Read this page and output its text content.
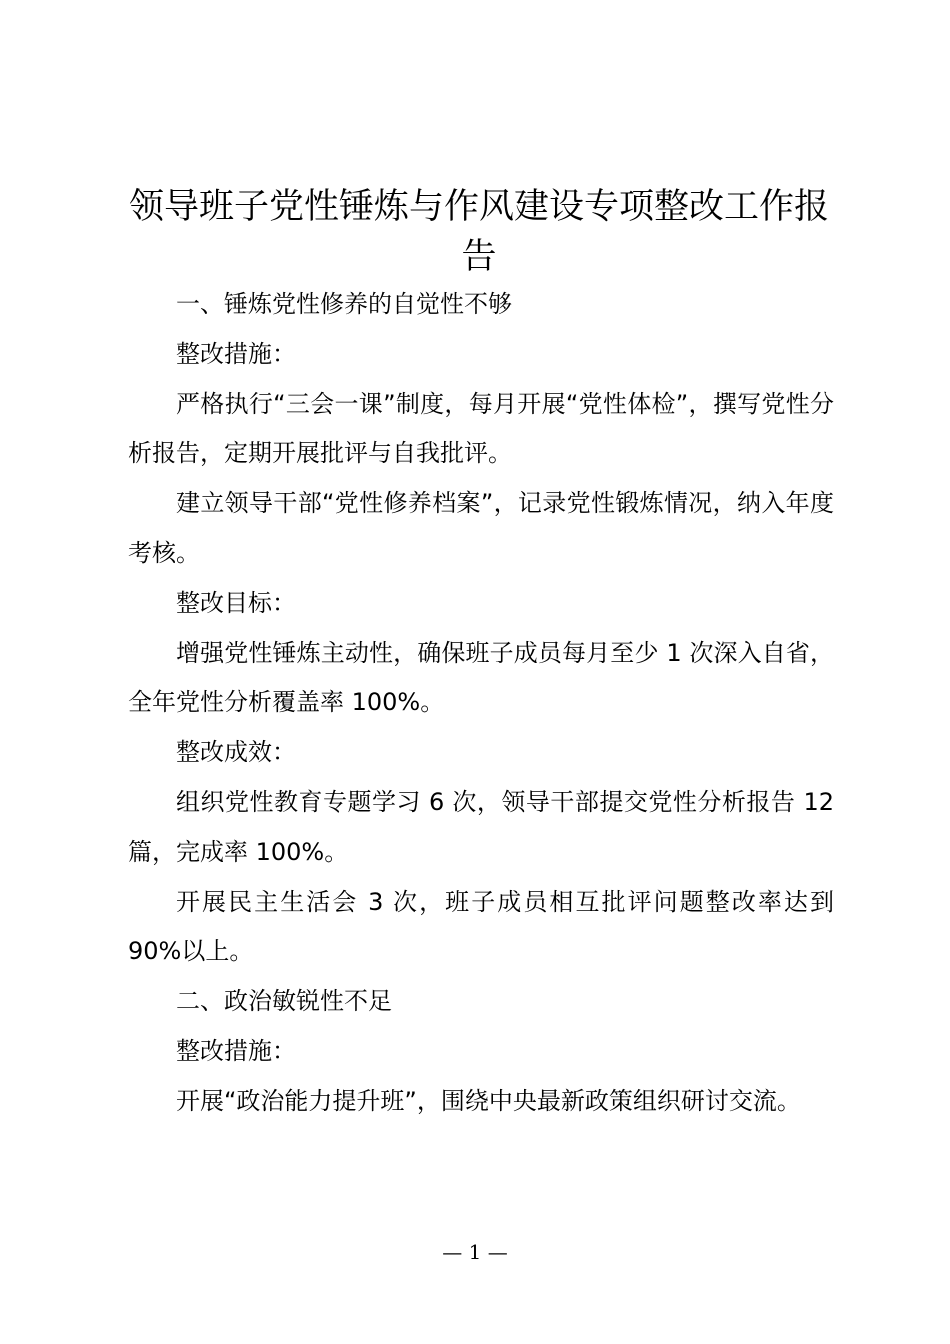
领导班子党性锤炼与作风建设专项整改工作报告

一、锤炼党性修养的自觉性不够

整改措施：

严格执行“三会一课”制度，每月开展“党性体检”，撰写党性分析报告，定期开展批评与自我批评。

建立领导干部“党性修养档案”，记录党性锻炼情况，纳入年度考核。

整改目标：

增强党性锤炼主动性，确保班子成员每月至少 1 次深入自省，全年党性分析覆盖率 100%。

整改成效：

组织党性教育专题学习 6 次，领导干部提交党性分析报告 12 篇，完成率 100%。

开展民主生活会 3 次，班子成员相互批评问题整改率达到 90%以上。

二、政治敏锐性不足

整改措施：

开展“政治能力提升班”，围绕中央最新政策组织研讨交流。

— 1 —
